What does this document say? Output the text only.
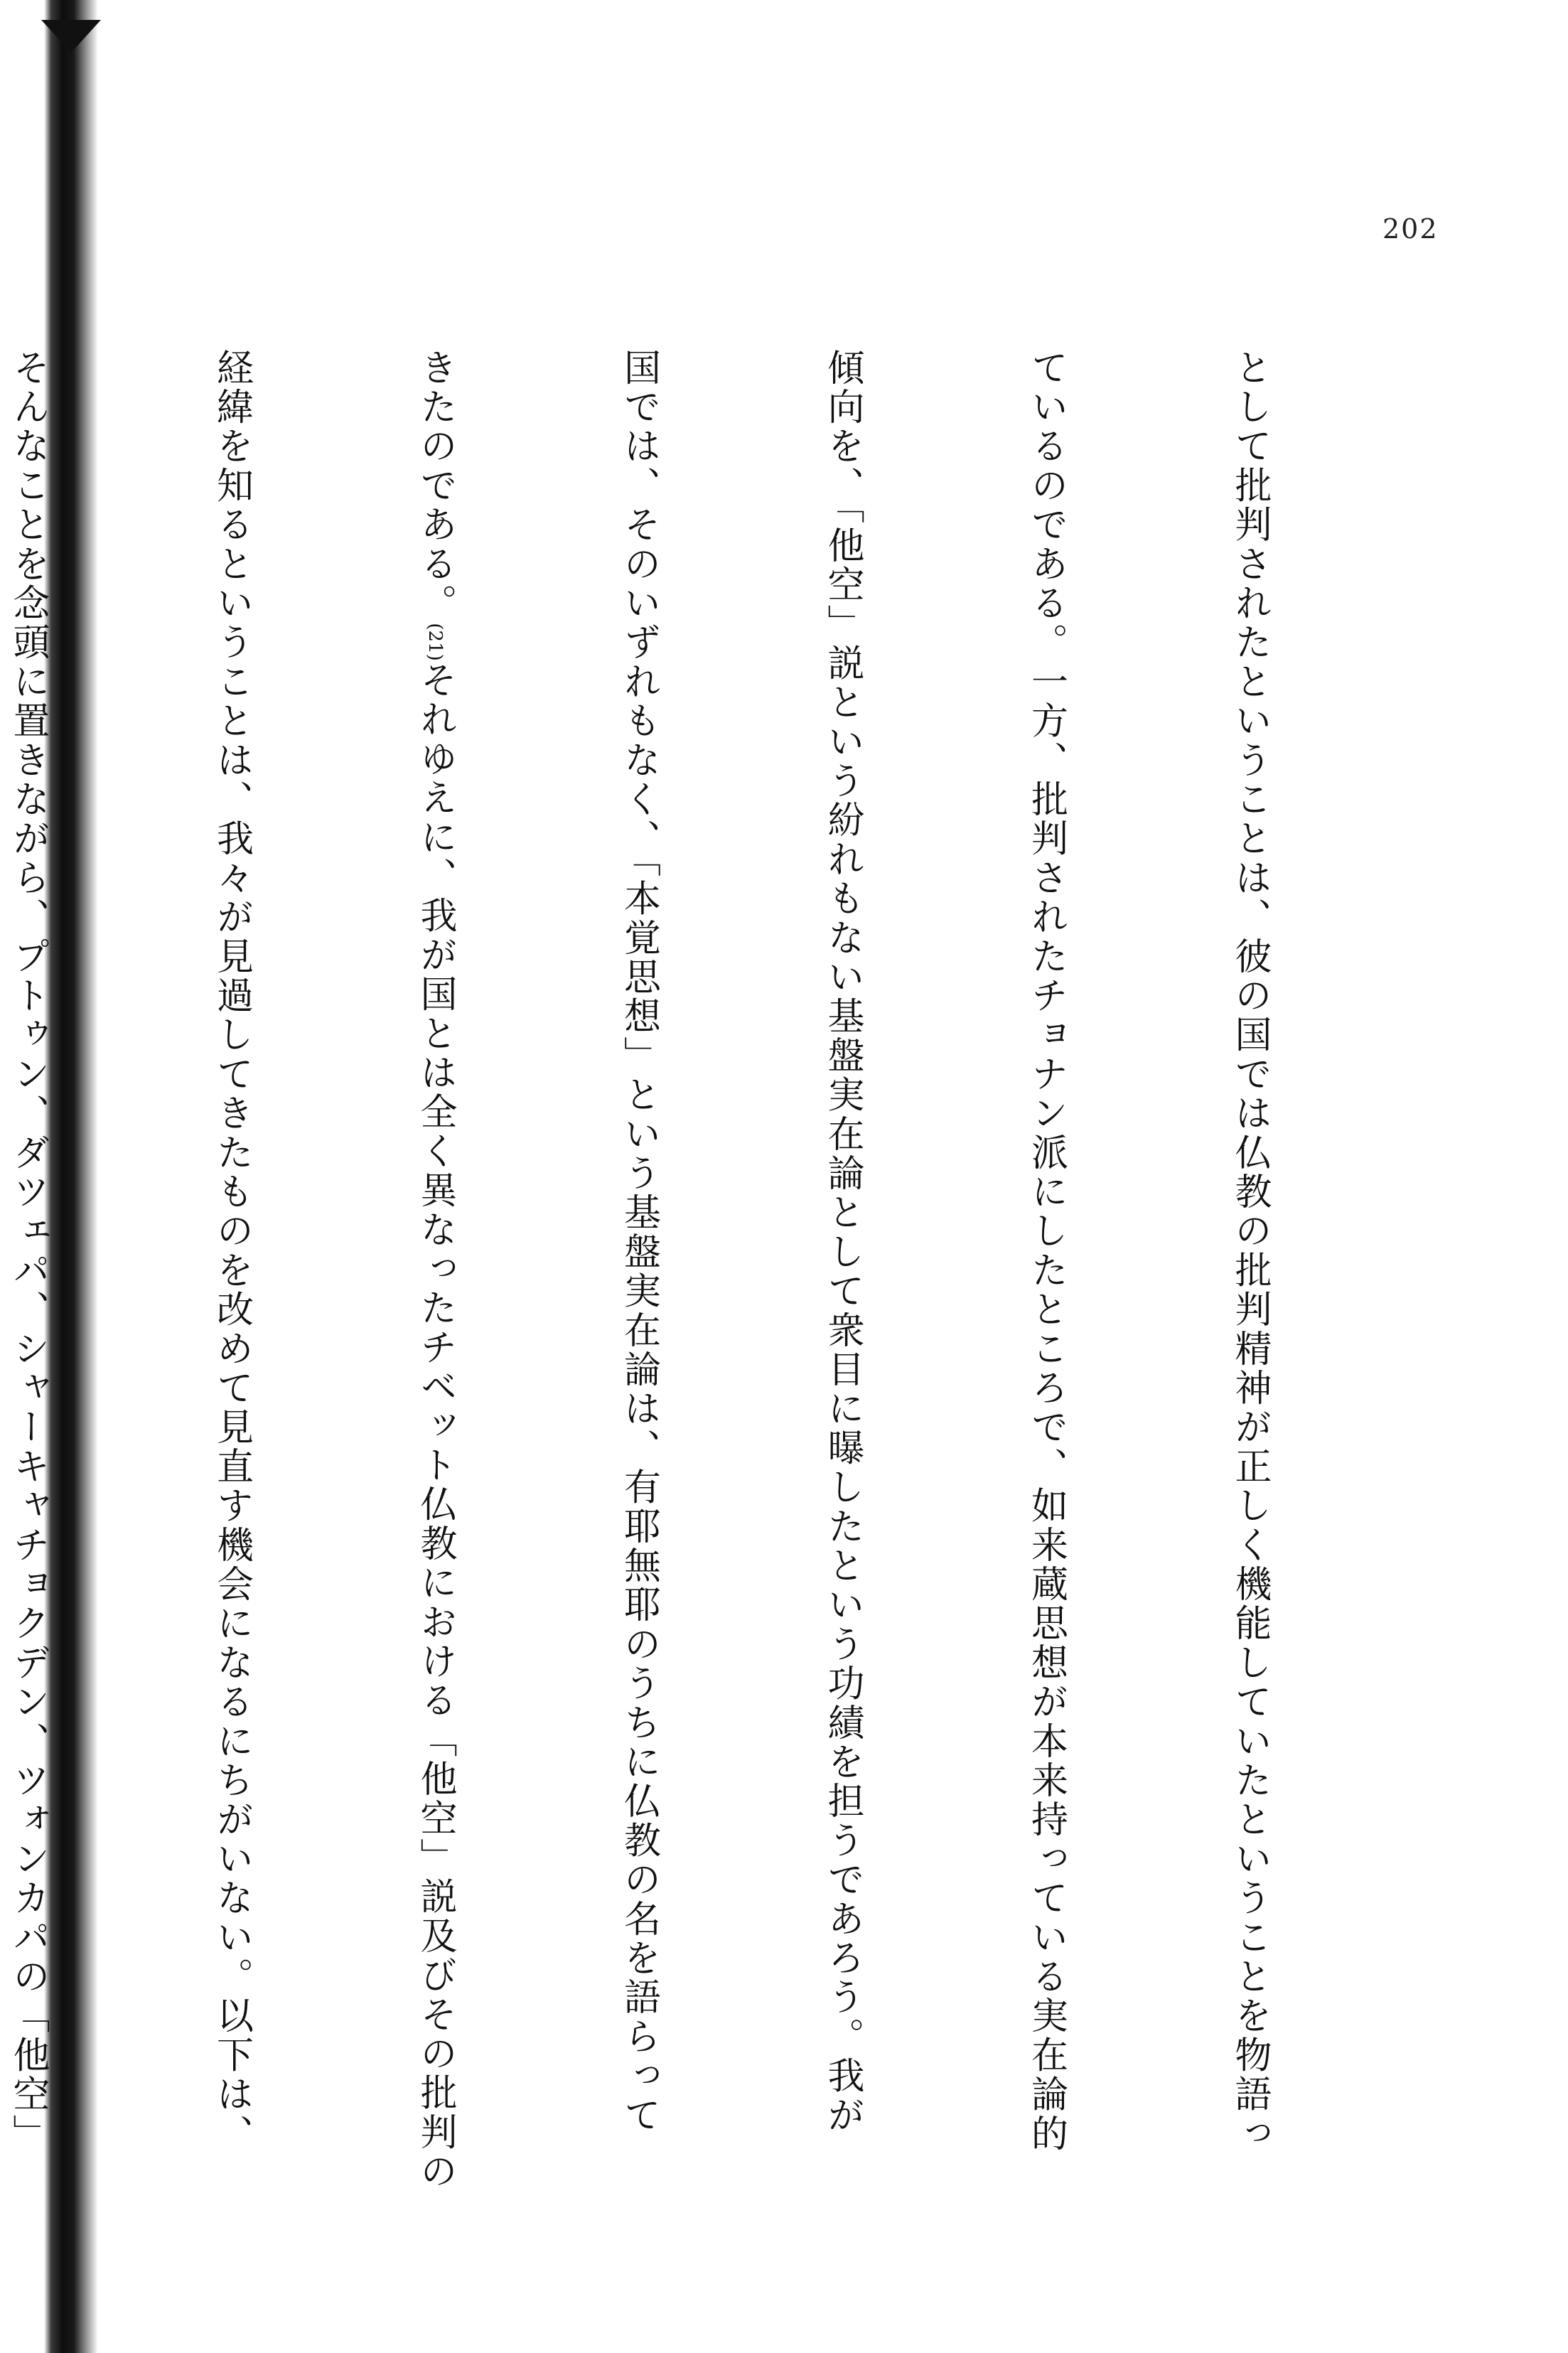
202

として批判されたということは、彼の国では仏教の批判精神が正しく機能していたということを物語っ

ているのである。一方、批判されたチョナン派にしたところで、如来蔵思想が本来持っている実在論的

傾向を、「他空」説という紛れもない基盤実在論として衆目に曝したという功績を担うであろう。我が

国では、そのいずれもなく、「本覚思想」という基盤実在論は、有耶無耶のうちに仏教の名を語らって

きたのである。(21)それゆえに、我が国とは全く異なったチベット仏教における「他空」説及びその批判の

経緯を知るということは、我々が見過してきたものを改めて見直す機会になるにちがいない。以下は、

そんなことを念頭に置きながら、プトゥン、ダツェパ、シャーキャチョクデン、ツォンカパの「他空」
